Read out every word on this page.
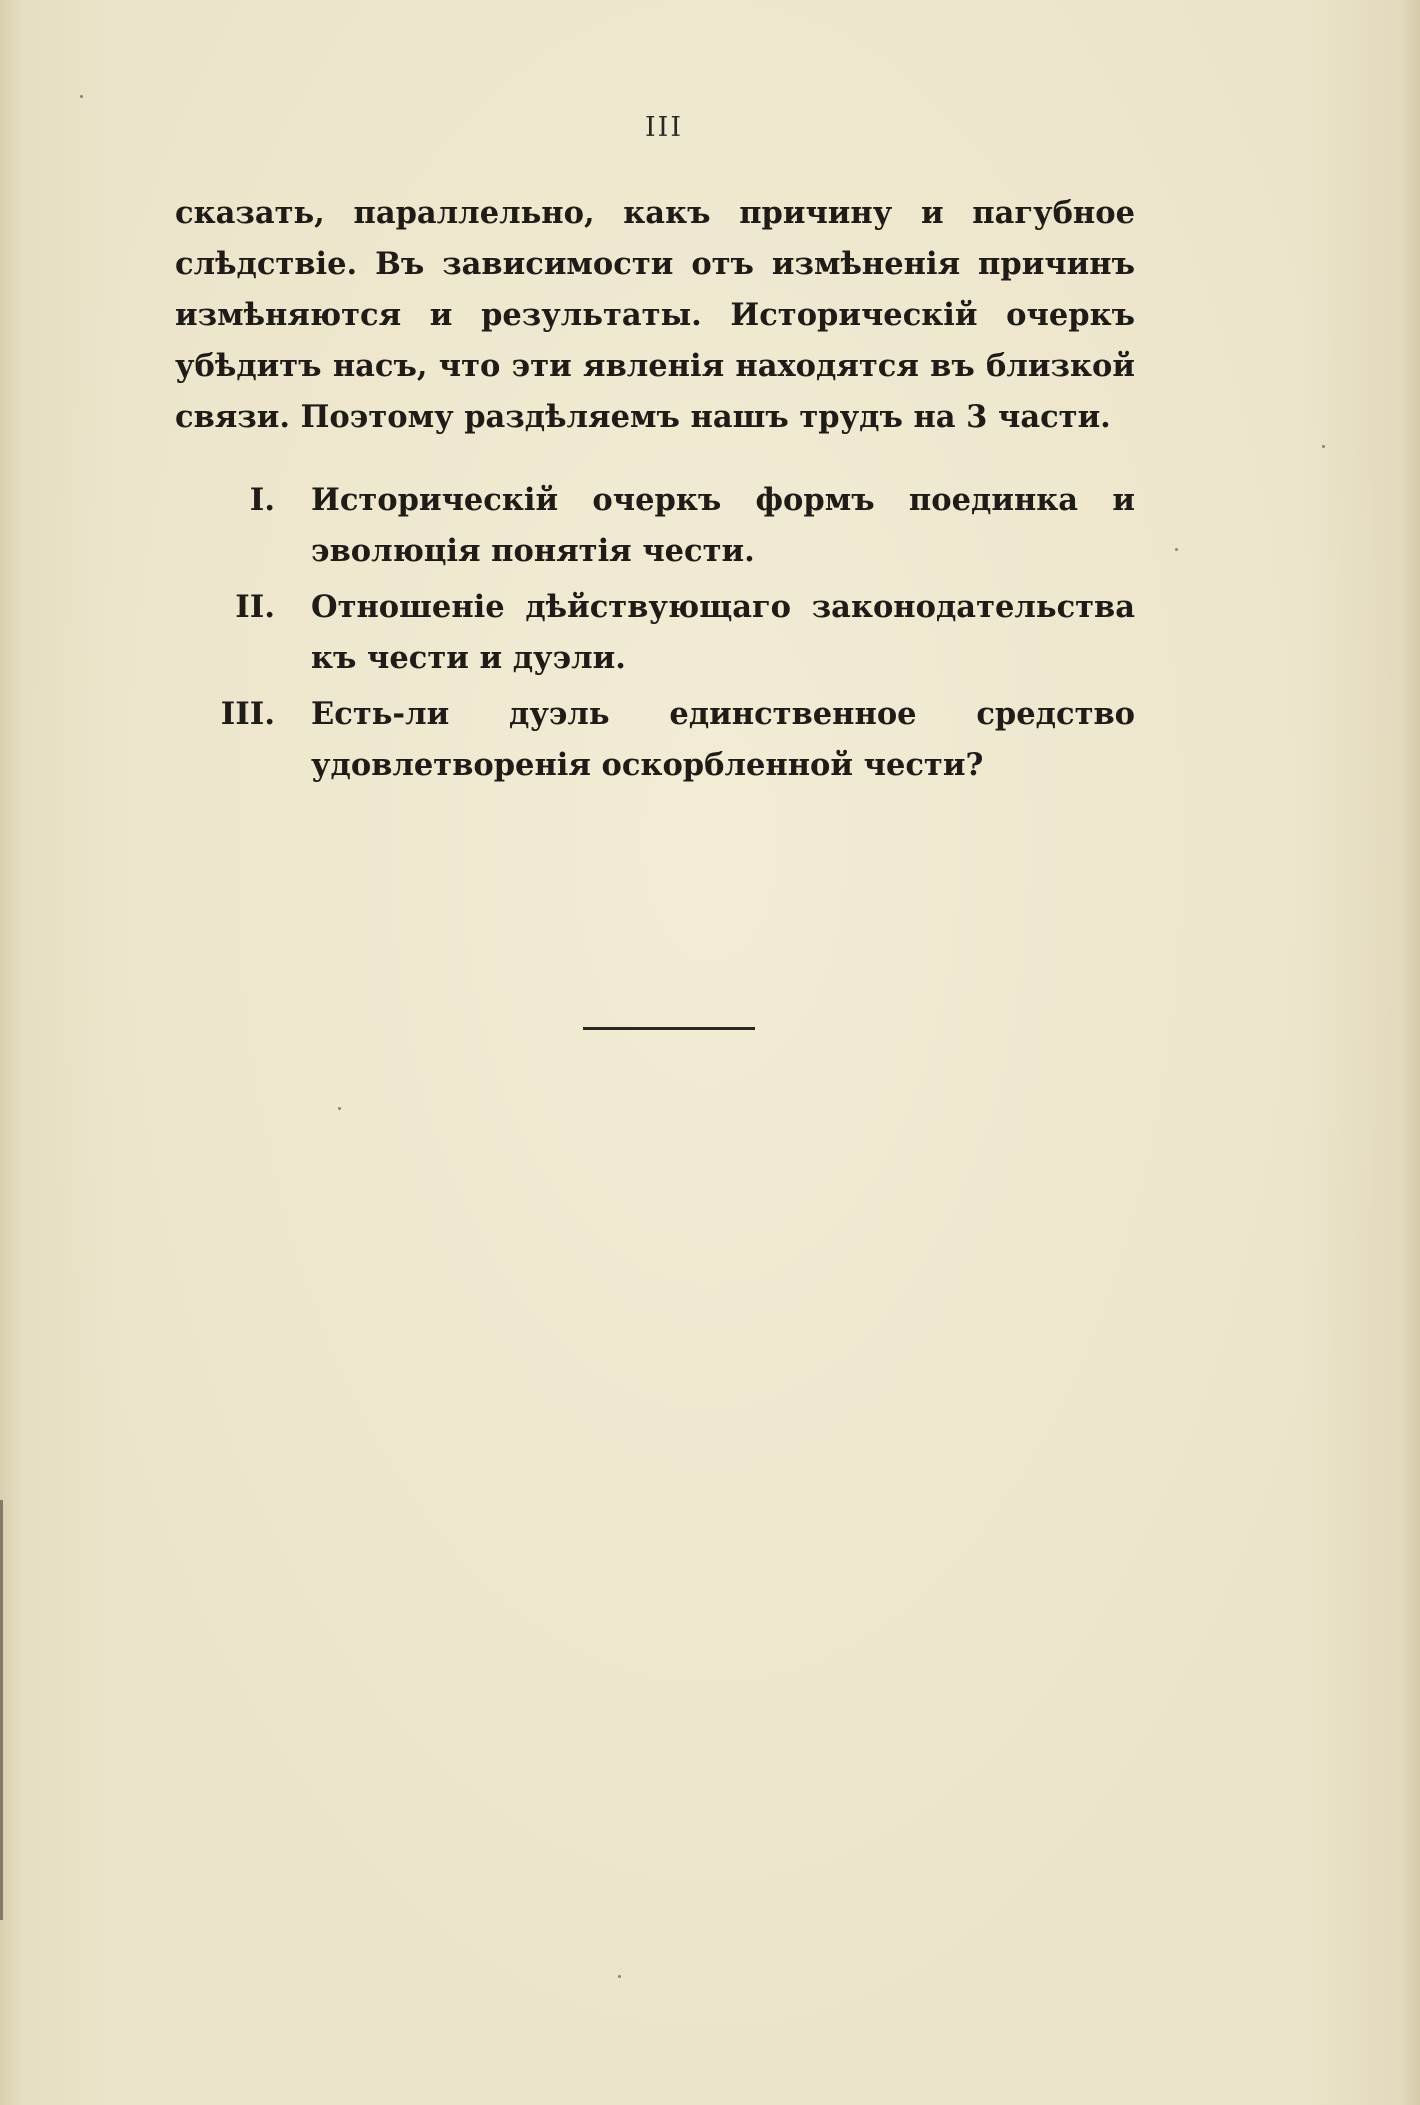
III

сказать, параллельно, какъ причину и пагубное слѣдствіе. Въ зависимости отъ измѣненія причинъ измѣняются и результаты. Историческій очеркъ убѣдитъ насъ, что эти явленія находятся въ близкой связи. Поэтому раздѣляемъ нашъ трудъ на 3 части.

I. Историческій очеркъ формъ поединка и эволюція понятія чести.
II. Отношеніе дѣйствующаго законодательства къ чести и дуэли.
III. Есть-ли дуэль единственное средство удовлетворенія оскорбленной чести?
